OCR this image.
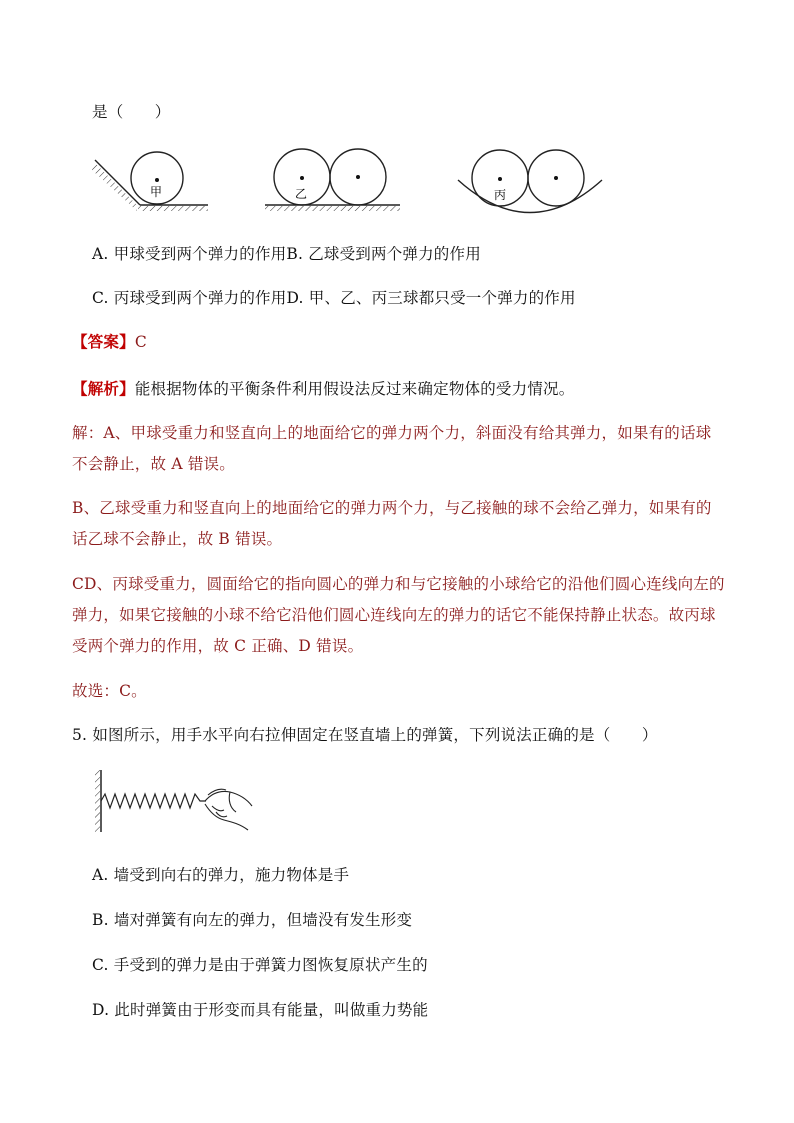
是（　　）
甲	乙	丙
A. 甲球受到两个弹力的作用B. 乙球受到两个弹力的作用
C. 丙球受到两个弹力的作用D. 甲、乙、丙三球都只受一个弹力的作用
【答案】C
【解析】能根据物体的平衡条件利用假设法反过来确定物体的受力情况。
解：A、甲球受重力和竖直向上的地面给它的弹力两个力，斜面没有给其弹力，如果有的话球
不会静止，故 A 错误。
B、乙球受重力和竖直向上的地面给它的弹力两个力，与乙接触的球不会给乙弹力，如果有的
话乙球不会静止，故 B 错误。
CD、丙球受重力，圆面给它的指向圆心的弹力和与它接触的小球给它的沿他们圆心连线向左的
弹力，如果它接触的小球不给它沿他们圆心连线向左的弹力的话它不能保持静止状态。故丙球
受两个弹力的作用，故 C 正确、D 错误。
故选：C。
5. 如图所示，用手水平向右拉伸固定在竖直墙上的弹簧，下列说法正确的是（　　）
A. 墙受到向右的弹力，施力物体是手
B. 墙对弹簧有向左的弹力，但墙没有发生形变
C. 手受到的弹力是由于弹簧力图恢复原状产生的
D. 此时弹簧由于形变而具有能量，叫做重力势能
